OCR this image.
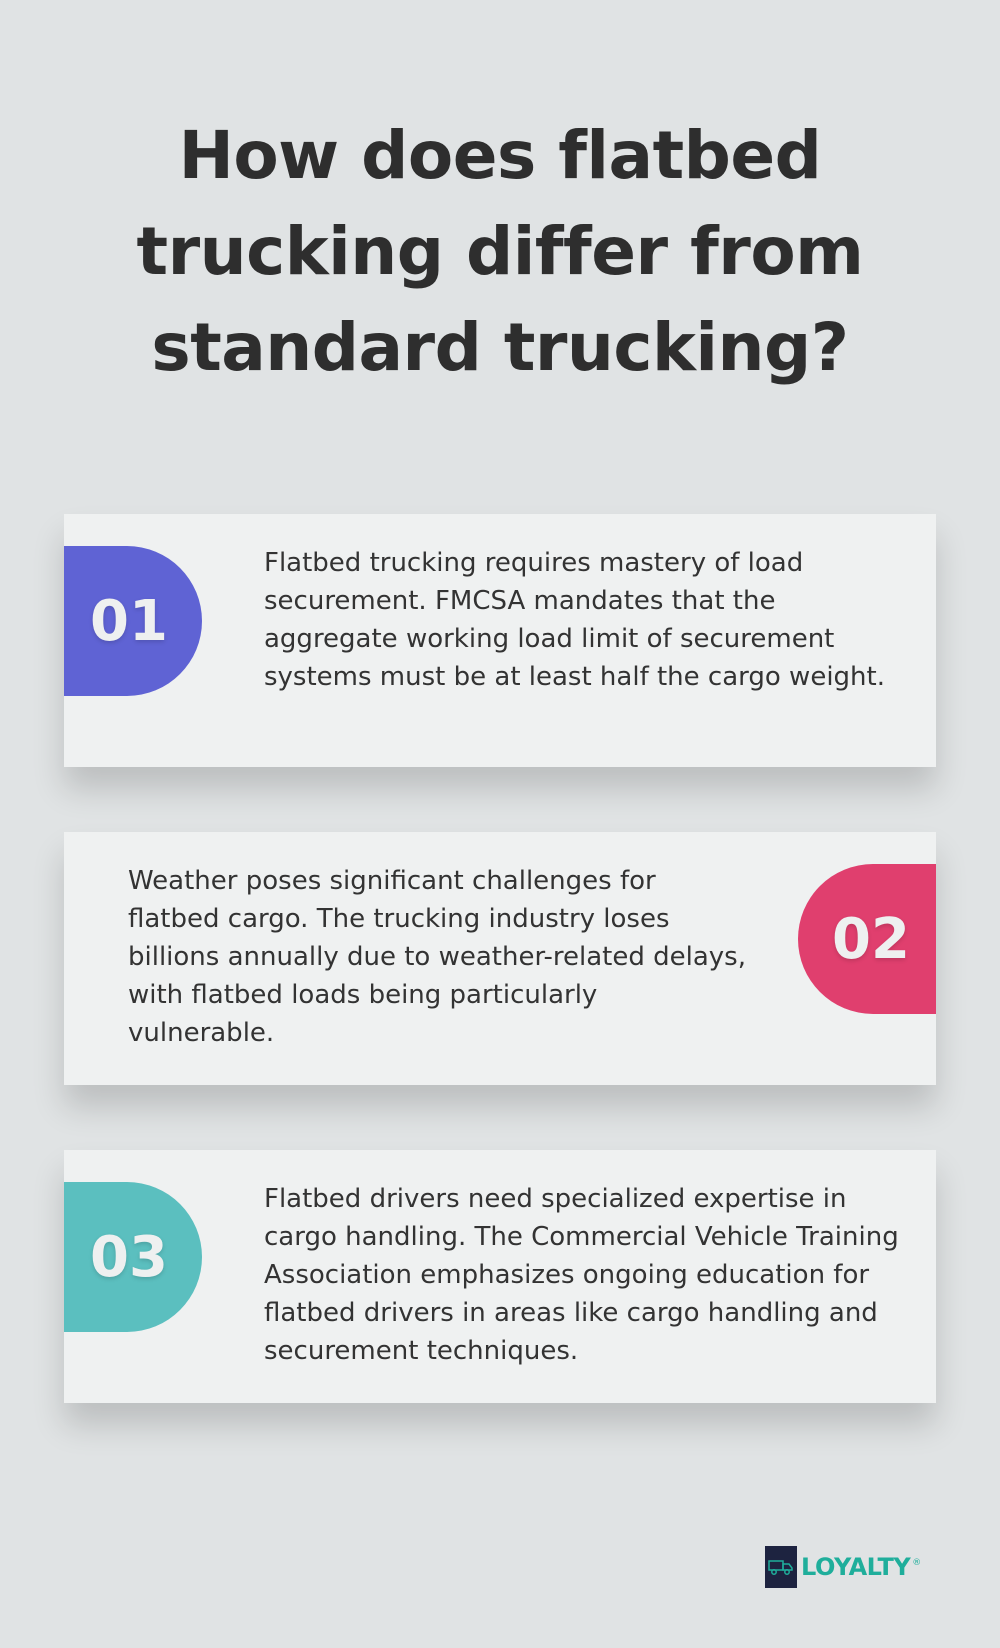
How does flatbed trucking differ from standard trucking?
01

Flatbed trucking requires mastery of load securement. FMCSA mandates that the aggregate working load limit of securement systems must be at least half the cargo weight.

Weather poses significant challenges for flatbed cargo. The trucking industry loses billions annually due to weather-related delays, with flatbed loads being particularly vulnerable.

02
03

Flatbed drivers need specialized expertise in cargo handling. The Commercial Vehicle Training Association emphasizes ongoing education for flatbed drivers in areas like cargo handling and securement techniques.

LOYALTY ®
